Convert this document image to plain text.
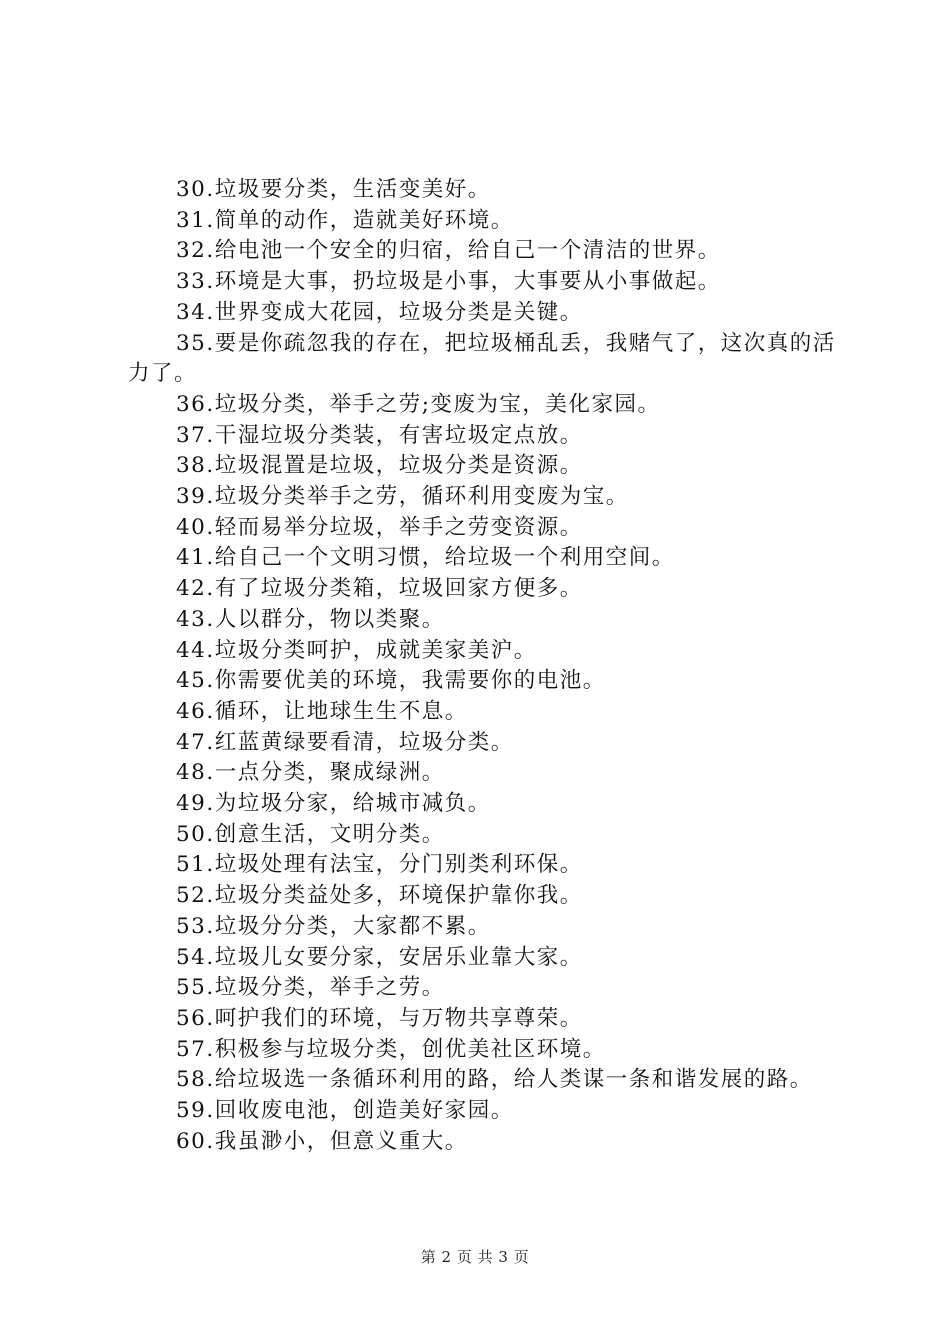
30.垃圾要分类，生活变美好。

31.简单的动作，造就美好环境。

32.给电池一个安全的归宿，给自己一个清洁的世界。

33.环境是大事，扔垃圾是小事，大事要从小事做起。

34.世界变成大花园，垃圾分类是关键。

35.要是你疏忽我的存在，把垃圾桶乱丢，我赌气了，这次真的活力了。

36.垃圾分类，举手之劳;变废为宝，美化家园。

37.干湿垃圾分类装，有害垃圾定点放。

38.垃圾混置是垃圾，垃圾分类是资源。

39.垃圾分类举手之劳，循环利用变废为宝。

40.轻而易举分垃圾，举手之劳变资源。

41.给自己一个文明习惯，给垃圾一个利用空间。

42.有了垃圾分类箱，垃圾回家方便多。

43.人以群分，物以类聚。

44.垃圾分类呵护，成就美家美沪。

45.你需要优美的环境，我需要你的电池。

46.循环，让地球生生不息。

47.红蓝黄绿要看清，垃圾分类。

48.一点分类，聚成绿洲。

49.为垃圾分家，给城市减负。

50.创意生活，文明分类。

51.垃圾处理有法宝，分门别类利环保。

52.垃圾分类益处多，环境保护靠你我。

53.垃圾分分类，大家都不累。

54.垃圾儿女要分家，安居乐业靠大家。

55.垃圾分类，举手之劳。

56.呵护我们的环境，与万物共享尊荣。

57.积极参与垃圾分类，创优美社区环境。

58.给垃圾选一条循环利用的路，给人类谋一条和谐发展的路。

59.回收废电池，创造美好家园。

60.我虽渺小，但意义重大。

第 2 页 共 3 页
